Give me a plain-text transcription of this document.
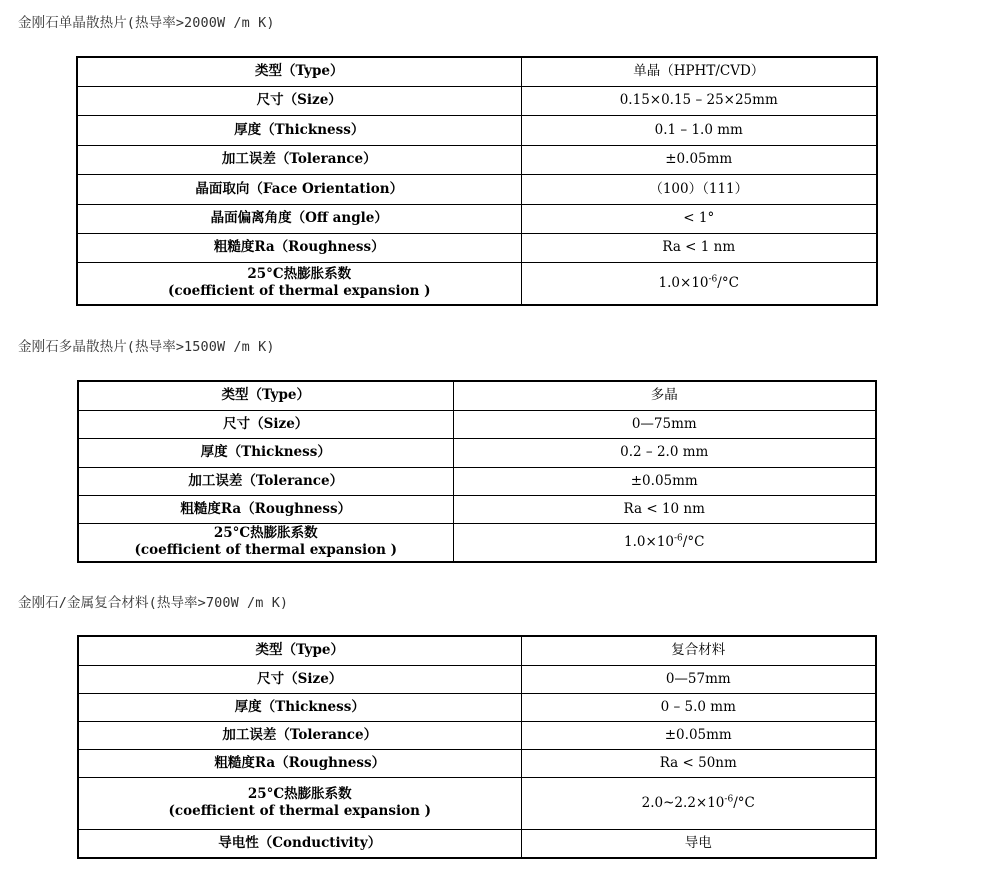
金刚石单晶散热片(热导率>2000W /m K)
类型（Type）	单晶（HPHT/CVD）
尺寸（Size）	0.15×0.15 – 25×25mm
厚度（Thickness）	0.1 – 1.0 mm
加工误差（Tolerance）	±0.05mm
晶面取向（Face Orientation）	（100）（111）
晶面偏离角度（Off angle）	< 1°
粗糙度Ra（Roughness）	Ra < 1 nm

25°C热膨胀系数
(coefficient of thermal expansion )	$1.0\times 10^{-6}/^\circ C$
金刚石多晶散热片(热导率>1500W /m K)
类型（Type）	多晶
尺寸（Size）	0—75mm
厚度（Thickness）	0.2 – 2.0 mm
加工误差（Tolerance）	±0.05mm
粗糙度Ra（Roughness）	Ra < 10 nm

25°C热膨胀系数
(coefficient of thermal expansion )	$1.0\times 10^{-6}/^\circ C$
金刚石/金属复合材料(热导率>700W /m K)
类型（Type）	复合材料
尺寸（Size）	0—57mm
厚度（Thickness）	0 – 5.0 mm
加工误差（Tolerance）	±0.05mm
粗糙度Ra（Roughness）	Ra < 50nm

25°C热膨胀系数
(coefficient of thermal expansion )	$2.0\sim 2.2\times 10^{-6}/^\circ C$
导电性（Conductivity）	导电
